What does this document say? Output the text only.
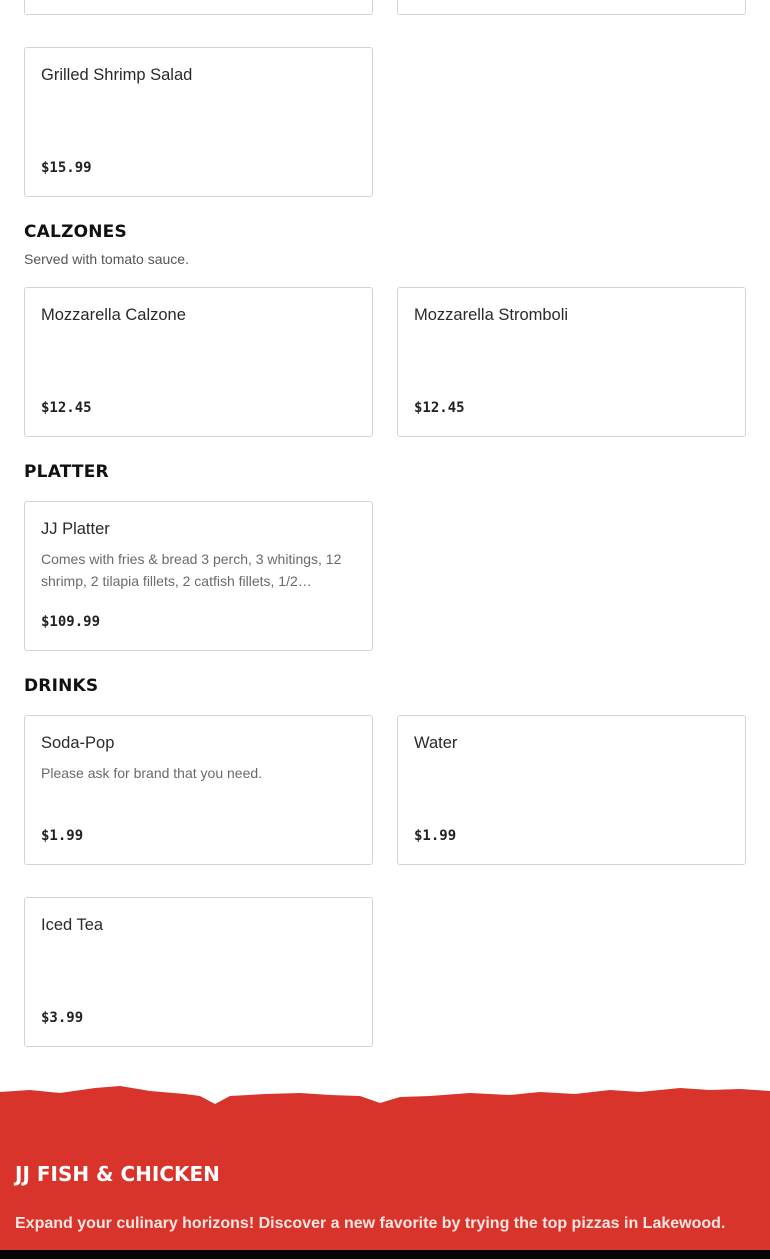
Grilled Shrimp Salad
$15.99
CALZONES
Served with tomato sauce.
Mozzarella Calzone
$12.45
Mozzarella Stromboli
$12.45
PLATTER
JJ Platter
Comes with fries & bread 3 perch, 3 whitings, 12 shrimp, 2 tilapia fillets, 2 catfish fillets, 1/2…
$109.99
DRINKS
Soda-Pop
Please ask for brand that you need.
$1.99
Water
$1.99
Iced Tea
$3.99
JJ FISH & CHICKEN
Expand your culinary horizons! Discover a new favorite by trying the top pizzas in Lakewood.
